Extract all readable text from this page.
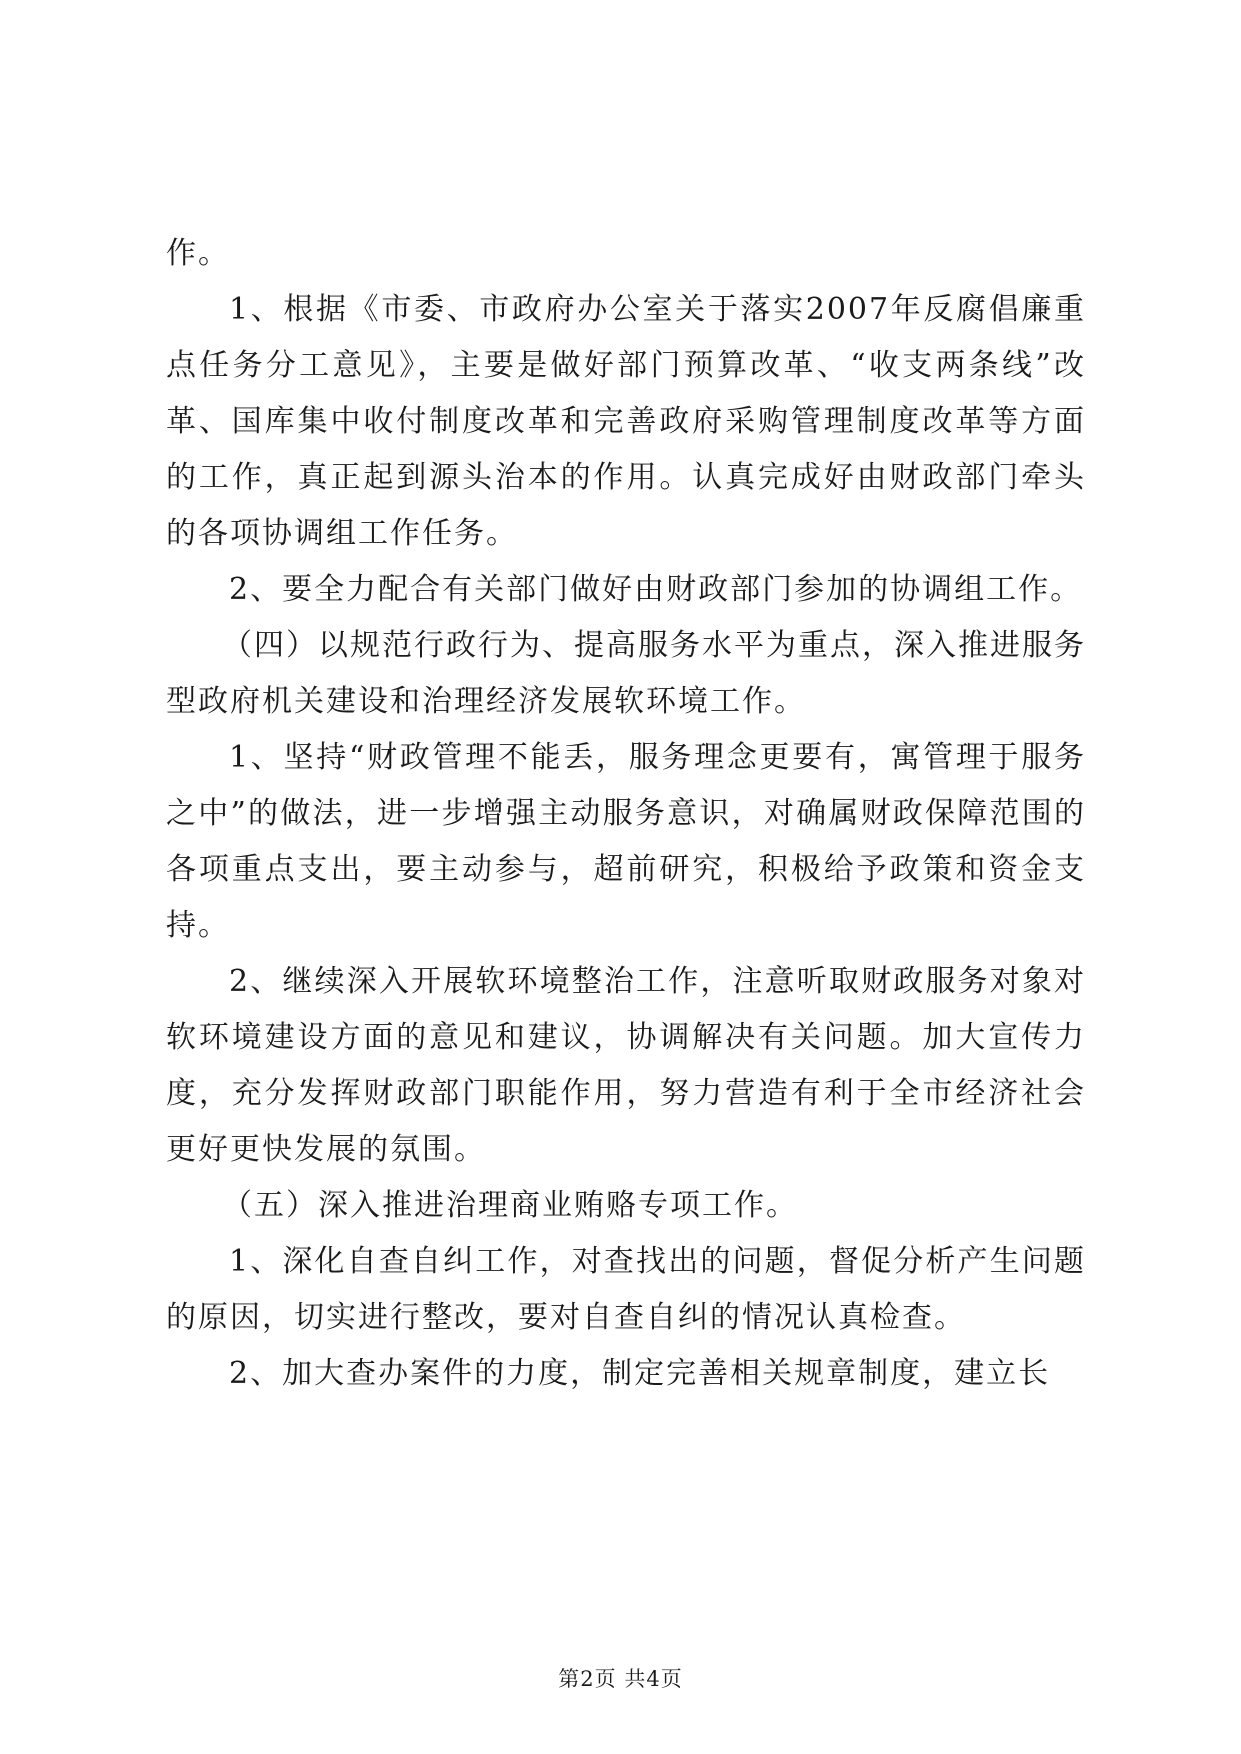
作。

1、根据《市委、市政府办公室关于落实2007年反腐倡廉重点任务分工意见》，主要是做好部门预算改革、“收支两条线”改革、国库集中收付制度改革和完善政府采购管理制度改革等方面的工作，真正起到源头治本的作用。认真完成好由财政部门牵头的各项协调组工作任务。

2、要全力配合有关部门做好由财政部门参加的协调组工作。

（四）以规范行政行为、提高服务水平为重点，深入推进服务型政府机关建设和治理经济发展软环境工作。

1、坚持“财政管理不能丢，服务理念更要有，寓管理于服务之中”的做法，进一步增强主动服务意识，对确属财政保障范围的各项重点支出，要主动参与，超前研究，积极给予政策和资金支持。

2、继续深入开展软环境整治工作，注意听取财政服务对象对软环境建设方面的意见和建议，协调解决有关问题。加大宣传力度，充分发挥财政部门职能作用，努力营造有利于全市经济社会更好更快发展的氛围。

（五）深入推进治理商业贿赂专项工作。

1、深化自查自纠工作，对查找出的问题，督促分析产生问题的原因，切实进行整改，要对自查自纠的情况认真检查。

2、加大查办案件的力度，制定完善相关规章制度，建立长

第2页 共4页
